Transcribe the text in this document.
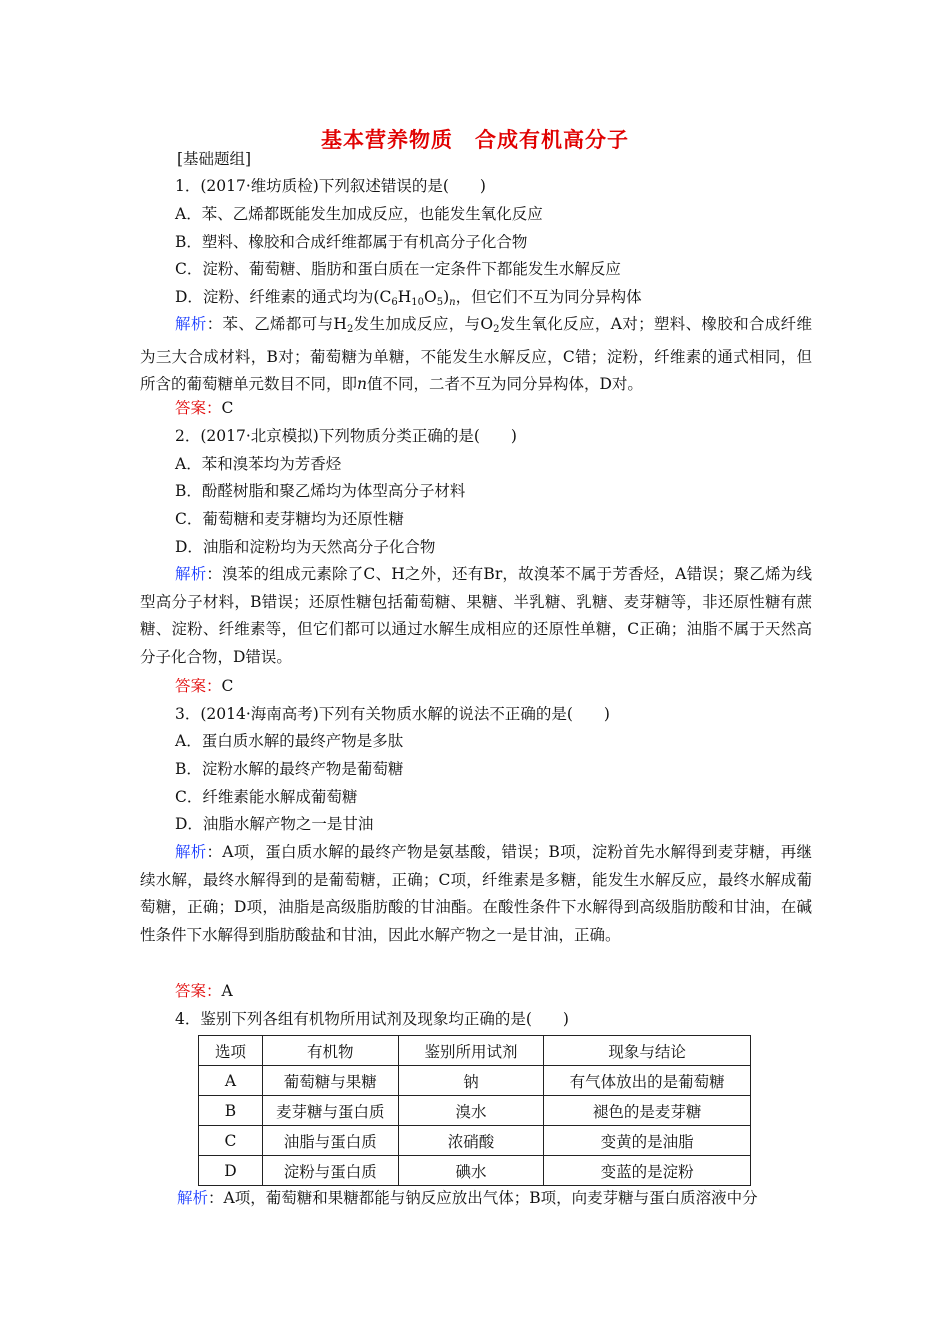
基本营养物质　合成有机高分子
[基础题组]
1．(2017·维坊质检)下列叙述错误的是(　　)
A．苯、乙烯都既能发生加成反应，也能发生氧化反应
B．塑料、橡胶和合成纤维都属于有机高分子化合物
C．淀粉、葡萄糖、脂肪和蛋白质在一定条件下都能发生水解反应
D．淀粉、纤维素的通式均为$(C_6H_{10}O_5)_n$，但它们不互为同分异构体
解析：苯、乙烯都可与$H_2$发生加成反应，与$O_2$发生氧化反应，A对；塑料、橡胶和合成纤维为三大合成材料，B对；葡萄糖为单糖，不能发生水解反应，C错；淀粉，纤维素的通式相同，但所含的葡萄糖单元数目不同，即n值不同，二者不互为同分异构体，D对。
答案：C
2．(2017·北京模拟)下列物质分类正确的是(　　)
A．苯和溴苯均为芳香烃
B．酚醛树脂和聚乙烯均为体型高分子材料
C．葡萄糖和麦芽糖均为还原性糖
D．油脂和淀粉均为天然高分子化合物
解析：溴苯的组成元素除了C、H之外，还有Br，故溴苯不属于芳香烃，A错误；聚乙烯为线型高分子材料，B错误；还原性糖包括葡萄糖、果糖、半乳糖、乳糖、麦芽糖等，非还原性糖有蔗糖、淀粉、纤维素等，但它们都可以通过水解生成相应的还原性单糖，C正确；油脂不属于天然高分子化合物，D错误。
答案：C
3．(2014·海南高考)下列有关物质水解的说法不正确的是(　　)
A．蛋白质水解的最终产物是多肽
B．淀粉水解的最终产物是葡萄糖
C．纤维素能水解成葡萄糖
D．油脂水解产物之一是甘油
解析：A项，蛋白质水解的最终产物是氨基酸，错误；B项，淀粉首先水解得到麦芽糖，再继续水解，最终水解得到的是葡萄糖，正确；C项，纤维素是多糖，能发生水解反应，最终水解成葡萄糖，正确；D项，油脂是高级脂肪酸的甘油酯。在酸性条件下水解得到高级脂肪酸和甘油，在碱性条件下水解得到脂肪酸盐和甘油，因此水解产物之一是甘油，正确。
答案：A
4．鉴别下列各组有机物所用试剂及现象均正确的是(　　)
选项	有机物	鉴别所用试剂	现象与结论
A	葡萄糖与果糖	钠	有气体放出的是葡萄糖
B	麦芽糖与蛋白质	溴水	褪色的是麦芽糖
C	油脂与蛋白质	浓硝酸	变黄的是油脂
D	淀粉与蛋白质	碘水	变蓝的是淀粉
解析：A项，葡萄糖和果糖都能与钠反应放出气体；B项，向麦芽糖与蛋白质溶液中分
